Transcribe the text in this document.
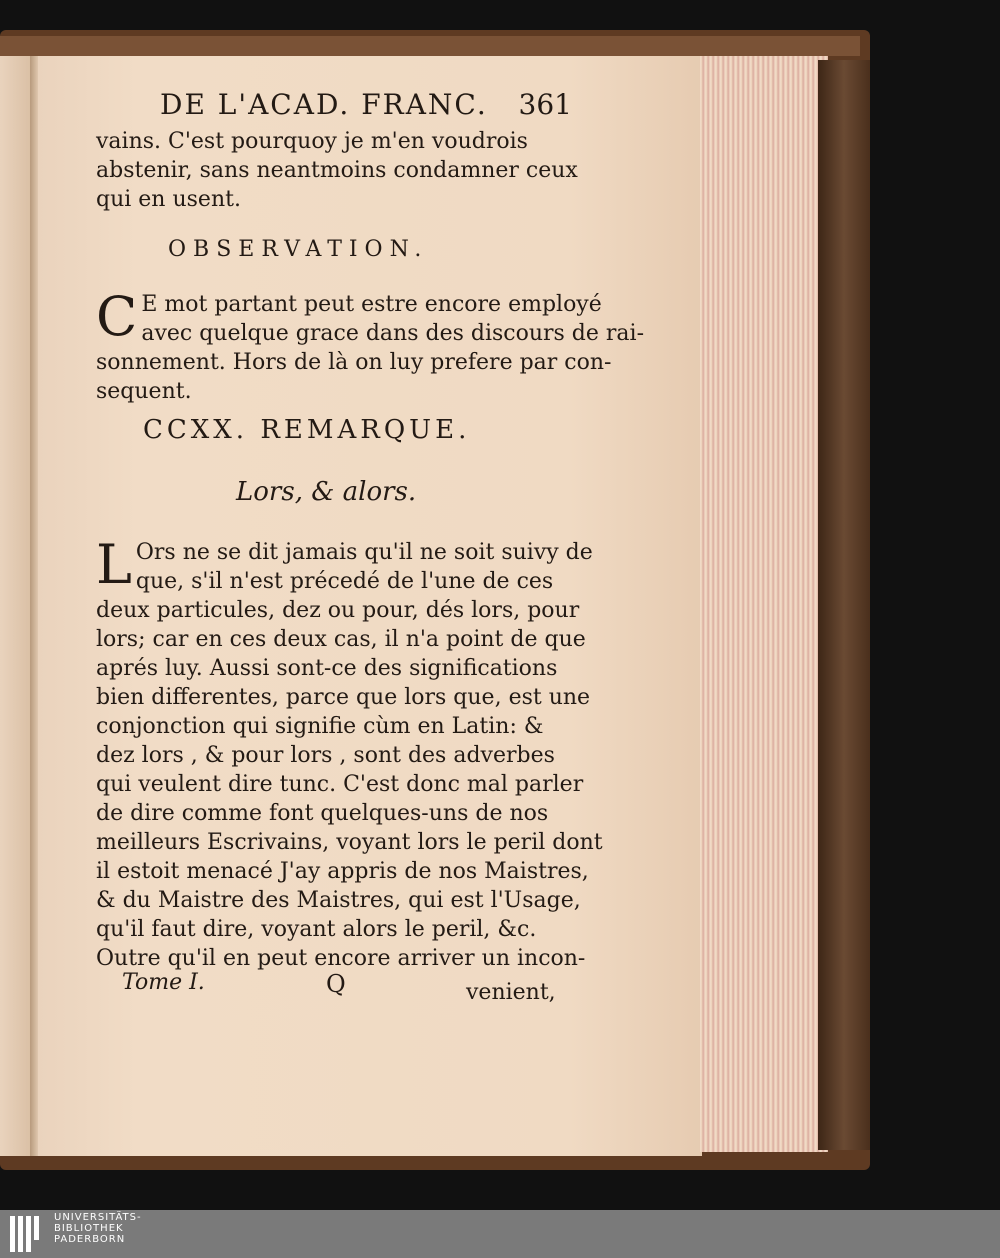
DE L'ACAD. FRANC. 361

vains. C'est pourquoy je m'en voudrois
abstenir, sans neantmoins condamner ceux
qui en usent.

OBSERVATION.

C E mot partant peut estre encore employé
avec quelque grace dans des discours de rai-
sonnement. Hors de là on luy prefere par con-
sequent.

CCXX. REMARQUE.
Lors, & alors.

L Ors ne se dit jamais qu'il ne soit suivy de
que, s'il n'est précedé de l'une de ces
deux particules, dez ou pour, dés lors, pour
lors; car en ces deux cas, il n'a point de que
aprés luy. Aussi sont-ce des significations
bien differentes, parce que lors que, est une
conjonction qui signifie cùm en Latin: &
dez lors , & pour lors , sont des adverbes
qui veulent dire tunc. C'est donc mal parler
de dire comme font quelques-uns de nos
meilleurs Escrivains, voyant lors le peril dont
il estoit menacé J'ay appris de nos Maistres,
& du Maistre des Maistres, qui est l'Usage,
qu'il faut dire, voyant alors le peril, &c.
Outre qu'il en peut encore arriver un incon-

Tome I.	Q	venient,
UNIVERSITÄTS-
BIBLIOTHEK
PADERBORN
